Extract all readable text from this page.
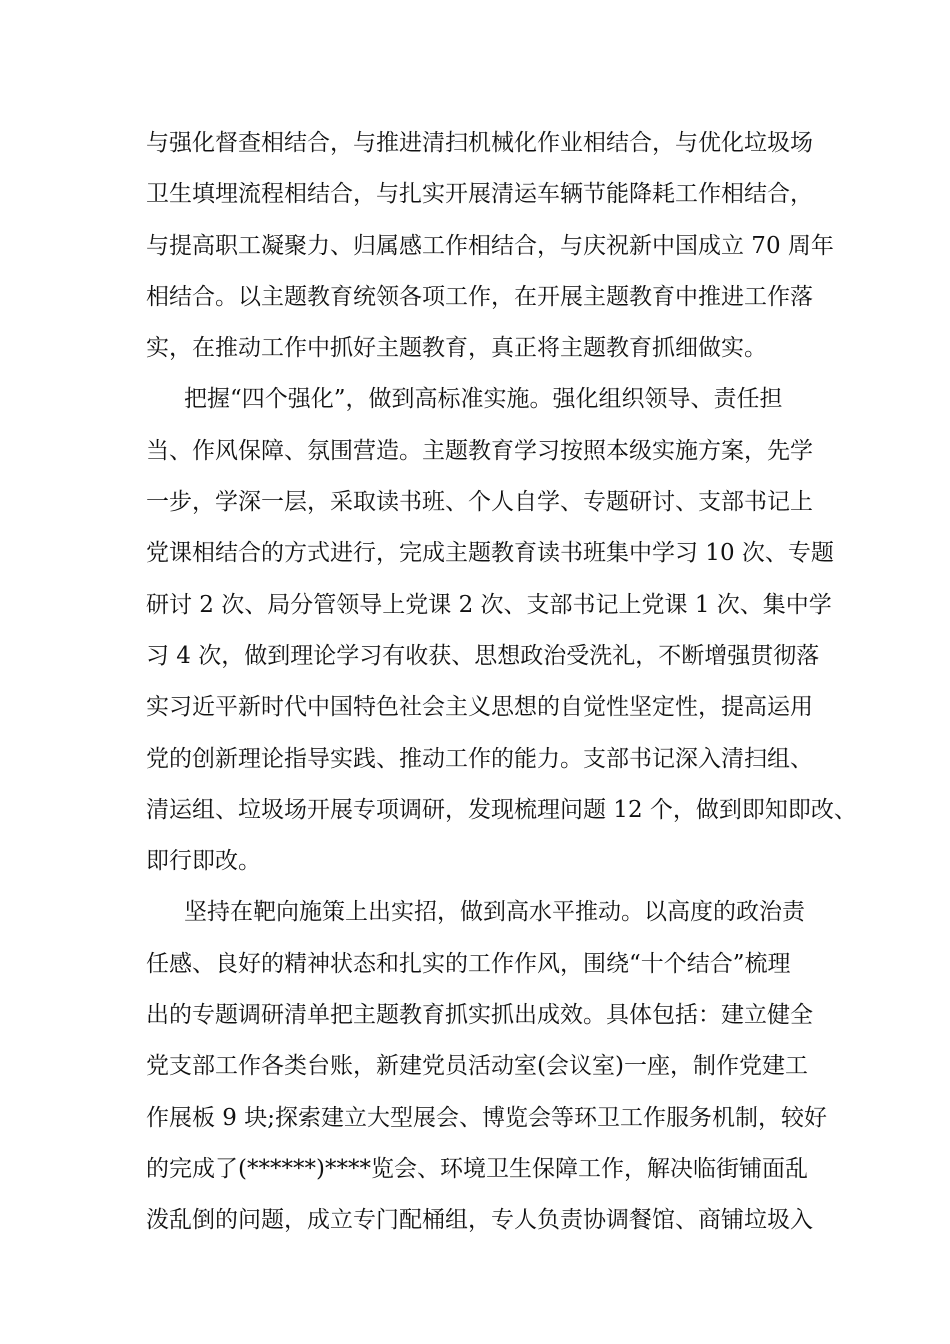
与强化督查相结合，与推进清扫机械化作业相结合，与优化垃圾场
卫生填埋流程相结合，与扎实开展清运车辆节能降耗工作相结合，
与提高职工凝聚力、归属感工作相结合，与庆祝新中国成立 70 周年
相结合。以主题教育统领各项工作，在开展主题教育中推进工作落
实，在推动工作中抓好主题教育，真正将主题教育抓细做实。
把握“四个强化”，做到高标准实施。强化组织领导、责任担
当、作风保障、氛围营造。主题教育学习按照本级实施方案，先学
一步，学深一层，采取读书班、个人自学、专题研讨、支部书记上
党课相结合的方式进行，完成主题教育读书班集中学习 10 次、专题
研讨 2 次、局分管领导上党课 2 次、支部书记上党课 1 次、集中学
习 4 次，做到理论学习有收获、思想政治受洗礼，不断增强贯彻落
实习近平新时代中国特色社会主义思想的自觉性坚定性，提高运用
党的创新理论指导实践、推动工作的能力。支部书记深入清扫组、
清运组、垃圾场开展专项调研，发现梳理问题 12 个，做到即知即改、
即行即改。
坚持在靶向施策上出实招，做到高水平推动。以高度的政治责
任感、良好的精神状态和扎实的工作作风，围绕“十个结合”梳理
出的专题调研清单把主题教育抓实抓出成效。具体包括：建立健全
党支部工作各类台账，新建党员活动室(会议室)一座，制作党建工
作展板 9 块;探索建立大型展会、博览会等环卫工作服务机制，较好
的完成了(******)****览会、环境卫生保障工作，解决临街铺面乱
泼乱倒的问题，成立专门配桶组，专人负责协调餐馆、商铺垃圾入
